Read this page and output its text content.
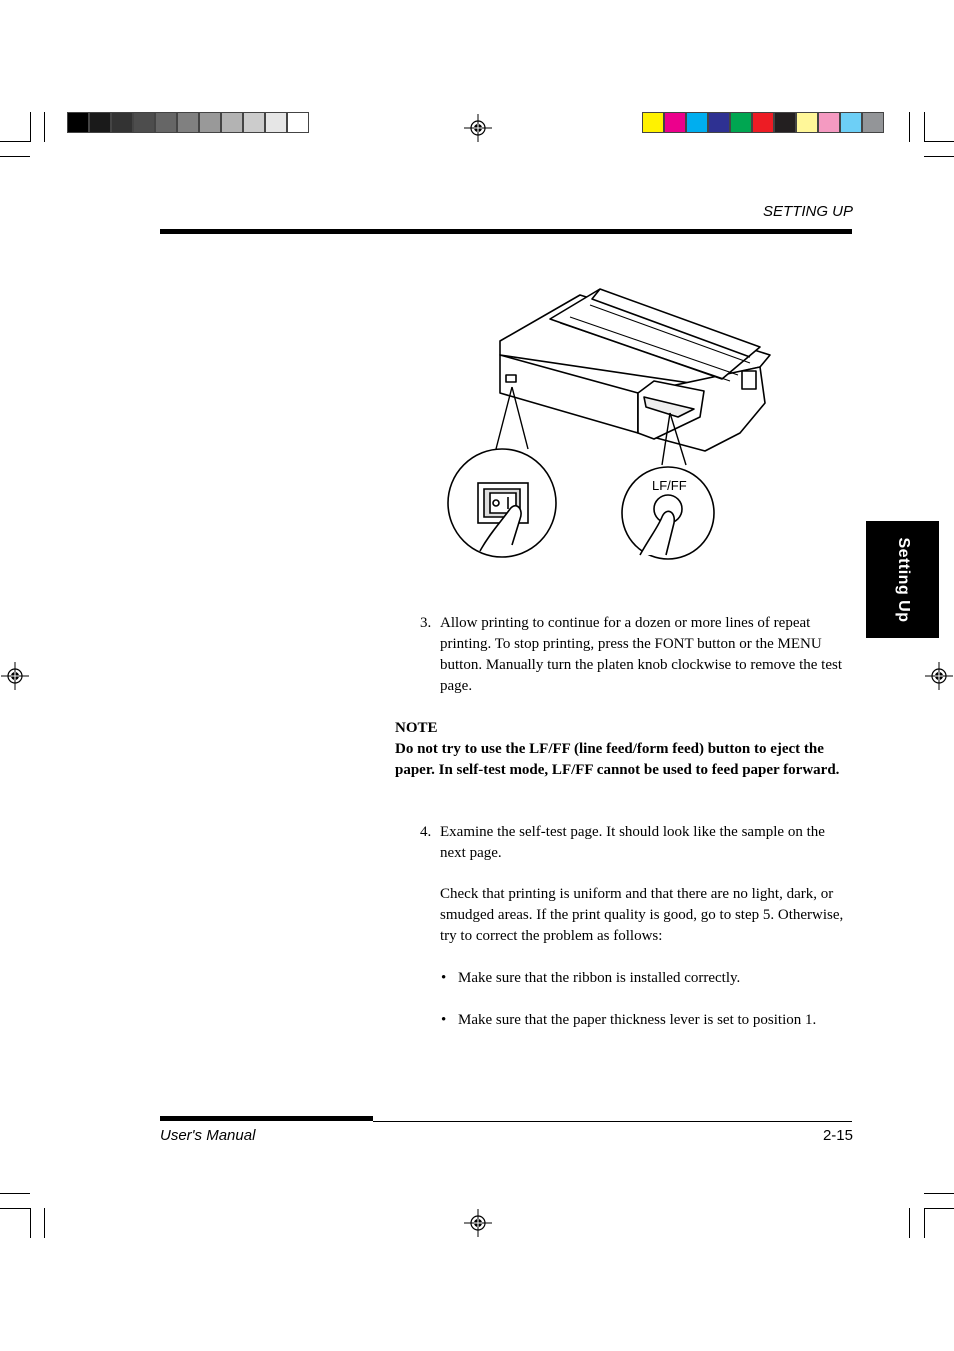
SETTING UP
Setting Up
LF/FF
3. Allow printing to continue for a dozen or more lines of repeat printing. To stop printing, press the FONT button or the MENU button. Manually turn the platen knob clockwise to remove the test page.
NOTE
Do not try to use the LF/FF (line feed/form feed) button to eject the paper. In self-test mode, LF/FF cannot be used to feed paper forward.
4. Examine the self-test page. It should look like the sample on the next page.
Check that printing is uniform and that there are no light, dark, or smudged areas. If the print quality is good, go to step 5. Otherwise, try to correct the problem as follows:
• Make sure that the ribbon is installed correctly.
• Make sure that the paper thickness lever is set to position 1.
User's Manual	2-15
